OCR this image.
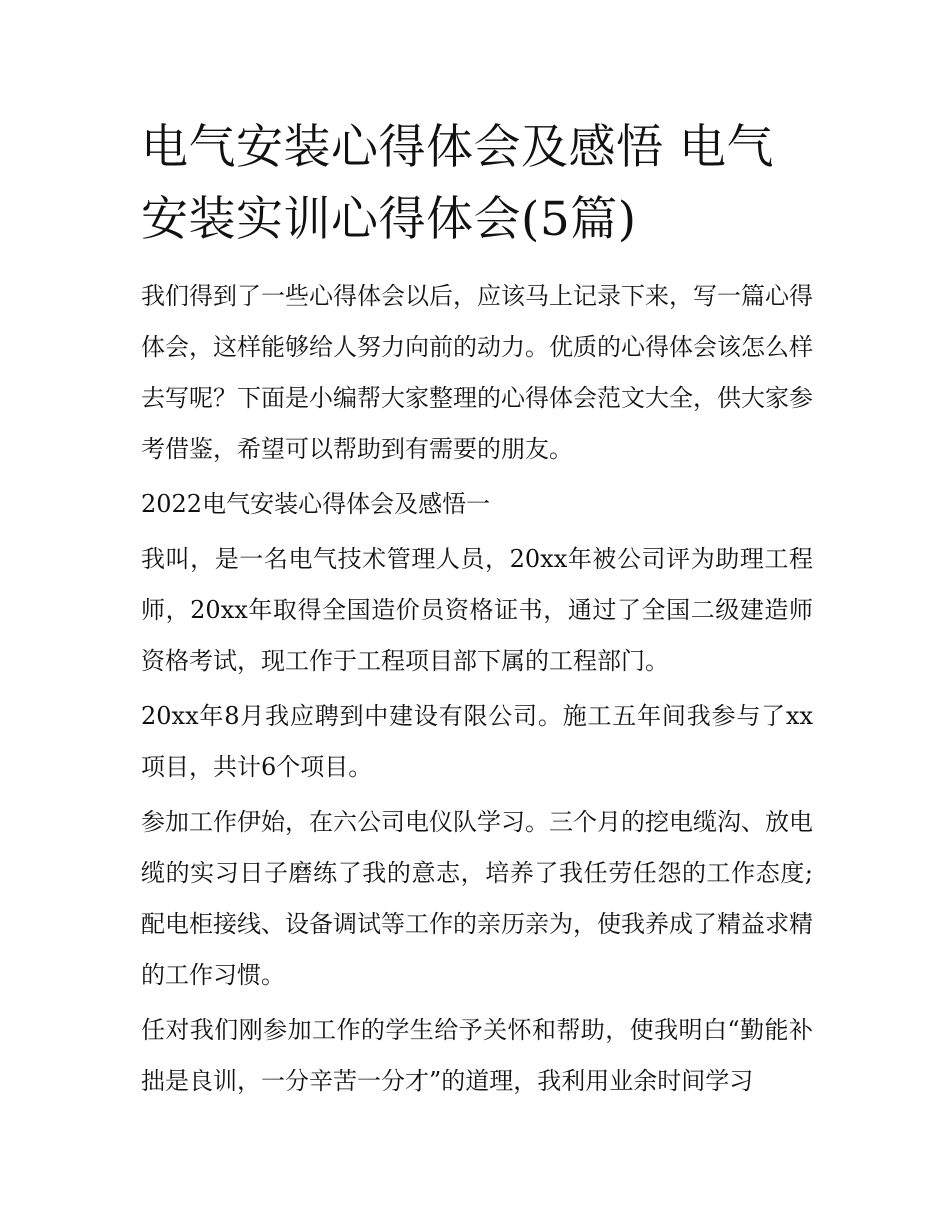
电气安装心得体会及感悟 电气安装实训心得体会(5篇)

我们得到了一些心得体会以后，应该马上记录下来，写一篇心得体会，这样能够给人努力向前的动力。优质的心得体会该怎么样去写呢？下面是小编帮大家整理的心得体会范文大全，供大家参考借鉴，希望可以帮助到有需要的朋友。

2022电气安装心得体会及感悟一

我叫，是一名电气技术管理人员，20xx年被公司评为助理工程师，20xx年取得全国造价员资格证书，通过了全国二级建造师资格考试，现工作于工程项目部下属的工程部门。

20xx年8月我应聘到中建设有限公司。施工五年间我参与了xx项目，共计6个项目。

参加工作伊始，在六公司电仪队学习。三个月的挖电缆沟、放电缆的实习日子磨练了我的意志，培养了我任劳任怨的工作态度;配电柜接线、设备调试等工作的亲历亲为，使我养成了精益求精的工作习惯。

任对我们刚参加工作的学生给予关怀和帮助，使我明白“勤能补拙是良训，一分辛苦一分才”的道理，我利用业余时间学习
